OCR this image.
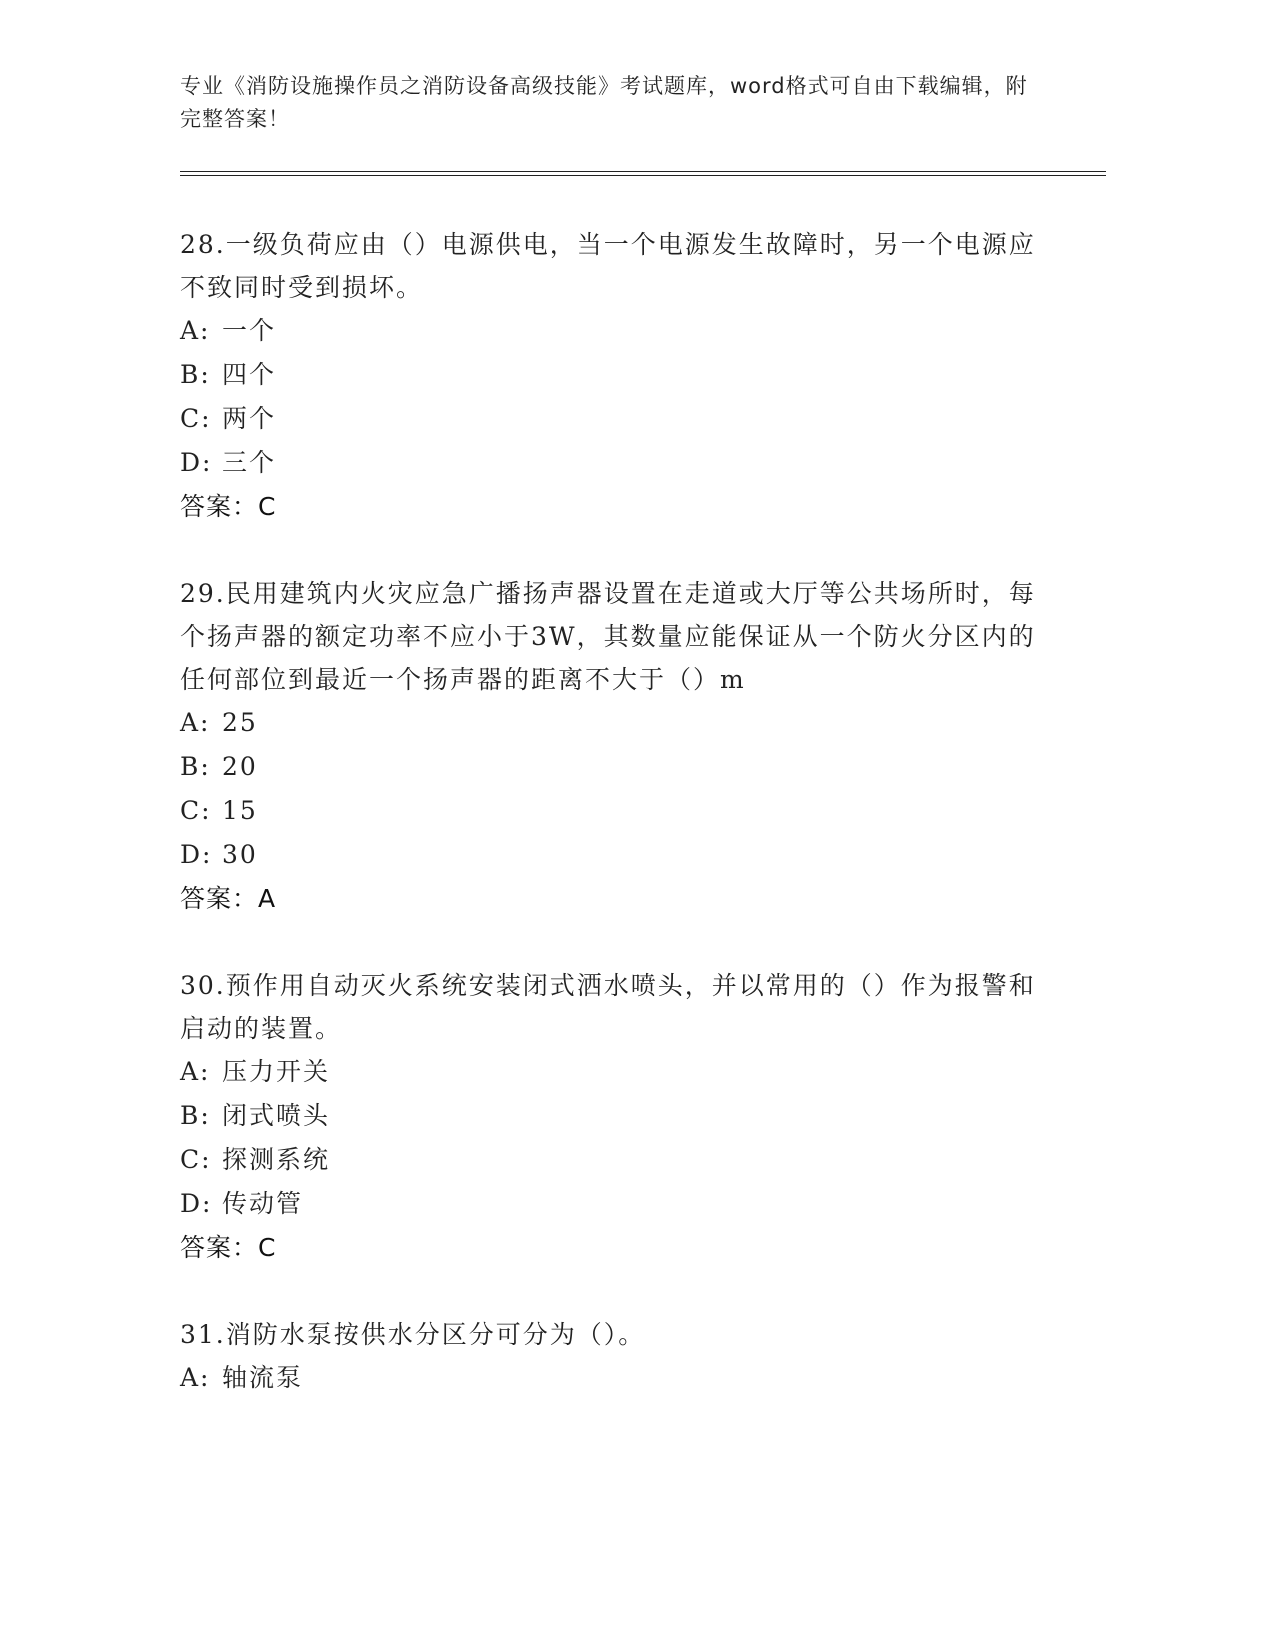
专业《消防设施操作员之消防设备高级技能》考试题库，word格式可自由下载编辑，附完整答案！

28.一级负荷应由（）电源供电，当一个电源发生故障时，另一个电源应不致同时受到损坏。

A: 一个

B: 四个

C: 两个

D: 三个

答案：C

29.民用建筑内火灾应急广播扬声器设置在走道或大厅等公共场所时，每个扬声器的额定功率不应小于3W，其数量应能保证从一个防火分区内的任何部位到最近一个扬声器的距离不大于（）m

A: 25

B: 20

C: 15

D: 30

答案：A

30.预作用自动灭火系统安装闭式洒水喷头，并以常用的（）作为报警和启动的装置。

A: 压力开关

B: 闭式喷头

C: 探测系统

D: 传动管

答案：C

31.消防水泵按供水分区分可分为（）。

A: 轴流泵
